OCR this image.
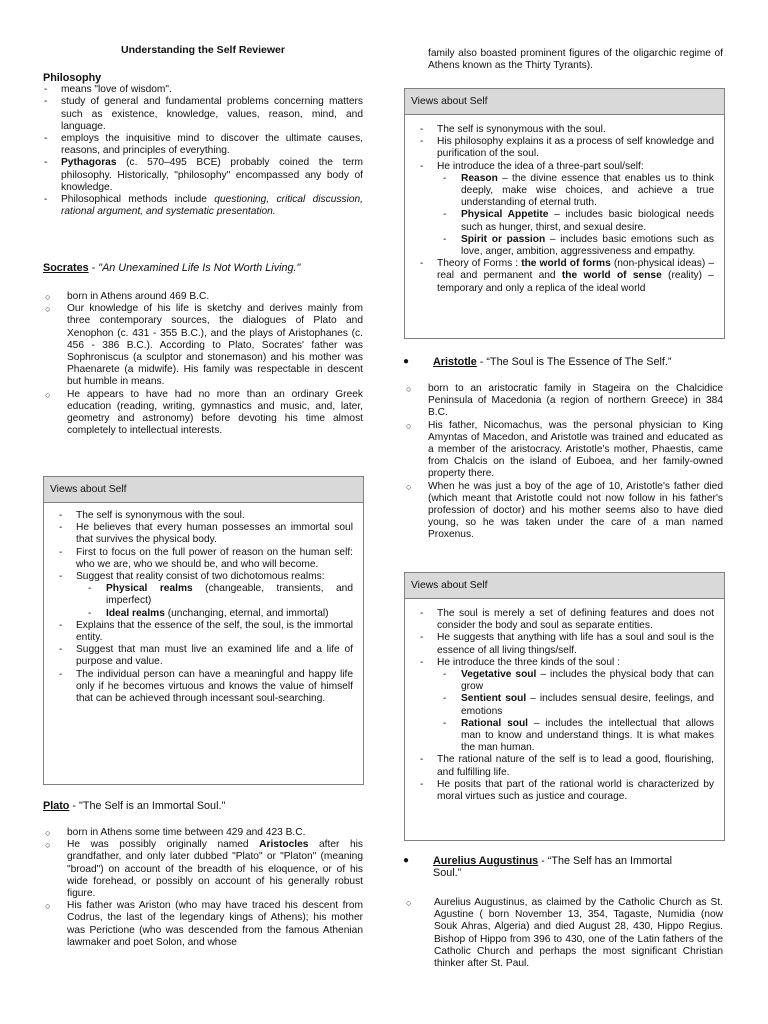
Understanding the Self Reviewer

Philosophy

- means "love of wisdom".
- study of general and fundamental problems concerning matters such as existence, knowledge, values, reason, mind, and language.
- employs the inquisitive mind to discover the ultimate causes, reasons, and principles of everything.
- Pythagoras (c. 570–495 BCE) probably coined the term philosophy. Historically, "philosophy" encompassed any body of knowledge.
- Philosophical methods include questioning, critical discussion, rational argument, and systematic presentation.

Socrates - "An Unexamined Life Is Not Worth Living."

○ born in Athens around 469 B.C.
○ Our knowledge of his life is sketchy and derives mainly from three contemporary sources, the dialogues of Plato and Xenophon (c. 431 - 355 B.C.), and the plays of Aristophanes (c. 456 - 386 B.C.). According to Plato, Socrates' father was Sophroniscus (a sculptor and stonemason) and his mother was Phaenarete (a midwife). His family was respectable in descent but humble in means.
○ He appears to have had no more than an ordinary Greek education (reading, writing, gymnastics and music, and, later, geometry and astronomy) before devoting his time almost completely to intellectual interests.
Views about Self
- The self is synonymous with the soul.
- He believes that every human possesses an immortal soul that survives the physical body.
- First to focus on the full power of reason on the human self: who we are, who we should be, and who will become.
- Suggest that reality consist of two dichotomous realms:
- Physical realms (changeable, transients, and imperfect)
- Ideal realms (unchanging, eternal, and immortal)
- Explains that the essence of the self, the soul, is the immortal entity.
- Suggest that man must live an examined life and a life of purpose and value.
- The individual person can have a meaningful and happy life only if he becomes virtuous and knows the value of himself that can be achieved through incessant soul-searching.

Plato - "The Self is an Immortal Soul."

○ born in Athens some time between 429 and 423 B.C.
○ He was possibly originally named Aristocles after his grandfather, and only later dubbed "Plato" or "Platon" (meaning "broad") on account of the breadth of his eloquence, or of his wide forehead, or possibly on account of his generally robust figure.
○ His father was Ariston (who may have traced his descent from Codrus, the last of the legendary kings of Athens); his mother was Perictione (who was descended from the famous Athenian lawmaker and poet Solon, and whose

family also boasted prominent figures of the oligarchic regime of Athens known as the Thirty Tyrants).

Views about Self
- The self is synonymous with the soul.
- His philosophy explains it as a process of self knowledge and purification of the soul.
- He introduce the idea of a three-part soul/self:
- Reason – the divine essence that enables us to think deeply, make wise choices, and achieve a true understanding of eternal truth.
- Physical Appetite – includes basic biological needs such as hunger, thirst, and sexual desire.
- Spirit or passion – includes basic emotions such as love, anger, ambition, aggressiveness and empathy.
- Theory of Forms : the world of forms (non-physical ideas) – real and permanent and the world of sense (reality) – temporary and only a replica of the ideal world

● Aristotle - “The Soul is The Essence of The Self.”

○ born to an aristocratic family in Stageira on the Chalcidice Peninsula of Macedonia (a region of northern Greece) in 384 B.C.
○ His father, Nicomachus, was the personal physician to King Amyntas of Macedon, and Aristotle was trained and educated as a member of the aristocracy. Aristotle's mother, Phaestis, came from Chalcis on the island of Euboea, and her family-owned property there.
○ When he was just a boy of the age of 10, Aristotle's father died (which meant that Aristotle could not now follow in his father's profession of doctor) and his mother seems also to have died young, so he was taken under the care of a man named Proxenus.
Views about Self
- The soul is merely a set of defining features and does not consider the body and soul as separate entities.
- He suggests that anything with life has a soul and soul is the essence of all living things/self.
- He introduce the three kinds of the soul :
- Vegetative soul – includes the physical body that can grow
- Sentient soul – includes sensual desire, feelings, and emotions
- Rational soul – includes the intellectual that allows man to know and understand things. It is what makes the man human.
- The rational nature of the self is to lead a good, flourishing, and fulfilling life.
- He posits that part of the rational world is characterized by moral virtues such as justice and courage.
●	Aurelius Augustinus - “The Self has an Immortal Soul.”
○ Aurelius Augustinus, as claimed by the Catholic Church as St. Agustine ( born November 13, 354, Tagaste, Numidia (now Souk Ahras, Algeria) and died August 28, 430, Hippo Regius. Bishop of Hippo from 396 to 430, one of the Latin fathers of the Catholic Church and perhaps the most significant Christian thinker after St. Paul.
